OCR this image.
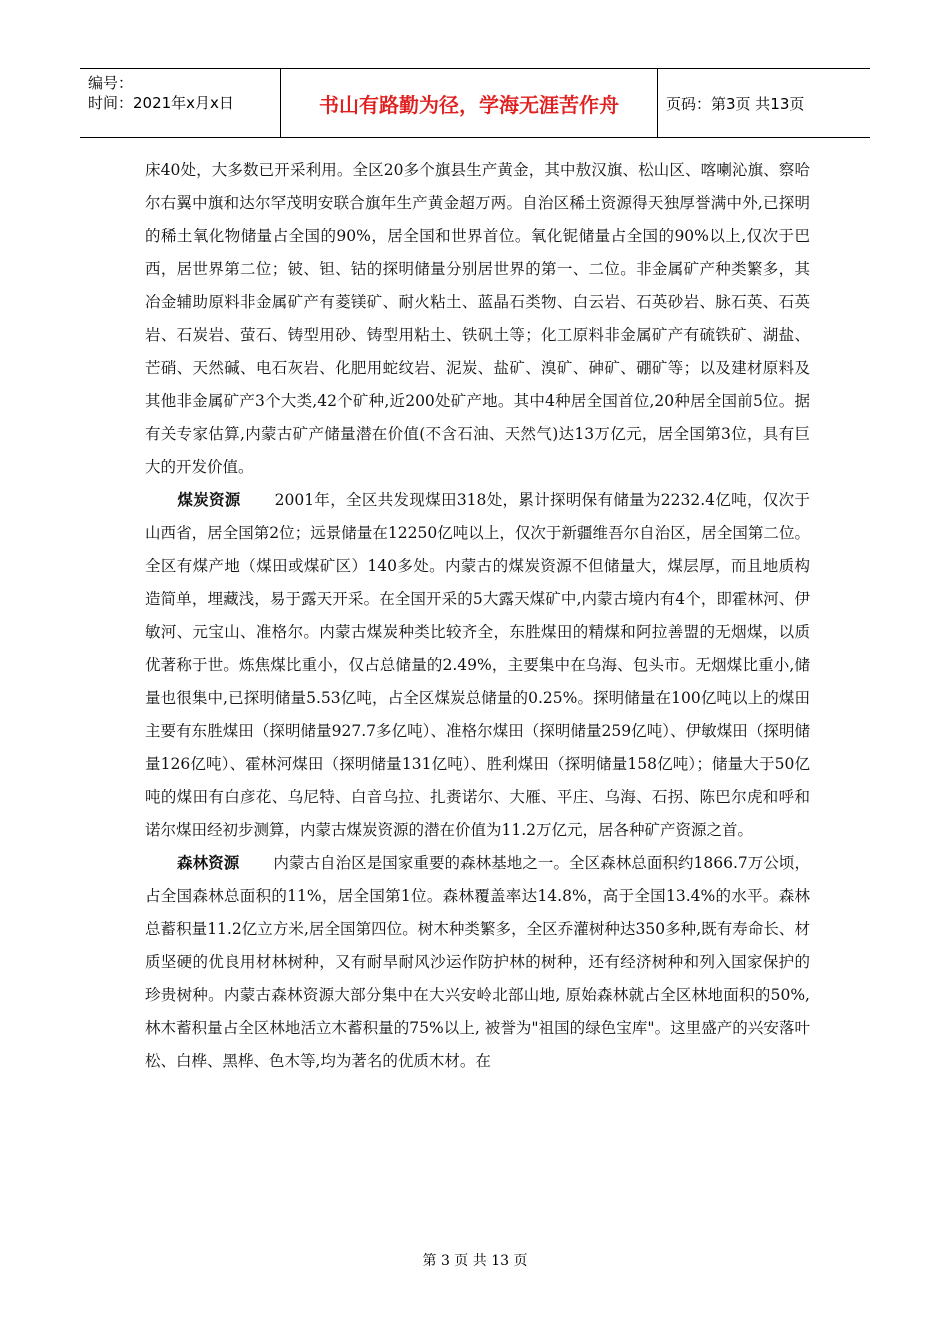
编号：
时间：2021年x月x日	书山有路勤为径，学海无涯苦作舟	页码：第3页 共13页

床40处，大多数已开采利用。全区20多个旗县生产黄金，其中敖汉旗、松山区、喀喇沁旗、察哈尔右翼中旗和达尔罕茂明安联合旗年生产黄金超万两。自治区稀土资源得天独厚誉满中外,已探明的稀土氧化物储量占全国的90%，居全国和世界首位。氧化铌储量占全国的90%以上,仅次于巴西，居世界第二位；铍、钽、钴的探明储量分别居世界的第一、二位。非金属矿产种类繁多，其冶金辅助原料非金属矿产有菱镁矿、耐火粘土、蓝晶石类物、白云岩、石英砂岩、脉石英、石英岩、石炭岩、萤石、铸型用砂、铸型用粘土、铁矾土等；化工原料非金属矿产有硫铁矿、湖盐、芒硝、天然碱、电石灰岩、化肥用蛇纹岩、泥炭、盐矿、溴矿、砷矿、硼矿等；以及建材原料及其他非金属矿产3个大类,42个矿种,近200处矿产地。其中4种居全国首位,20种居全国前5位。据有关专家估算,内蒙古矿产储量潜在价值(不含石油、天然气)达13万亿元，居全国第3位，具有巨大的开发价值。

煤炭资源 2001年，全区共发现煤田318处，累计探明保有储量为2232.4亿吨，仅次于山西省，居全国第2位；远景储量在12250亿吨以上，仅次于新疆维吾尔自治区，居全国第二位。全区有煤产地（煤田或煤矿区）140多处。内蒙古的煤炭资源不但储量大，煤层厚，而且地质构造简单，埋藏浅，易于露天开采。在全国开采的5大露天煤矿中,内蒙古境内有4个，即霍林河、伊敏河、元宝山、准格尔。内蒙古煤炭种类比较齐全，东胜煤田的精煤和阿拉善盟的无烟煤，以质优著称于世。炼焦煤比重小，仅占总储量的2.49%，主要集中在乌海、包头市。无烟煤比重小,储量也很集中,已探明储量5.53亿吨，占全区煤炭总储量的0.25%。探明储量在100亿吨以上的煤田主要有东胜煤田（探明储量927.7多亿吨）、准格尔煤田（探明储量259亿吨）、伊敏煤田（探明储量126亿吨）、霍林河煤田（探明储量131亿吨）、胜利煤田（探明储量158亿吨）；储量大于50亿吨的煤田有白彦花、乌尼特、白音乌拉、扎赉诺尔、大雁、平庄、乌海、石拐、陈巴尔虎和呼和诺尔煤田经初步测算，内蒙古煤炭资源的潜在价值为11.2万亿元，居各种矿产资源之首。

森林资源 内蒙古自治区是国家重要的森林基地之一。全区森林总面积约1866.7万公顷，占全国森林总面积的11%，居全国第1位。森林覆盖率达14.8%，高于全国13.4%的水平。森林总蓄积量11.2亿立方米,居全国第四位。树木种类繁多，全区乔灌树种达350多种,既有寿命长、材质坚硬的优良用材林树种，又有耐旱耐风沙运作防护林的树种，还有经济树种和列入国家保护的珍贵树种。内蒙古森林资源大部分集中在大兴安岭北部山地, 原始森林就占全区林地面积的50%, 林木蓄积量占全区林地活立木蓄积量的75%以上, 被誉为"祖国的绿色宝库"。这里盛产的兴安落叶松、白桦、黑桦、色木等,均为著名的优质木材。在

第 3 页 共 13 页
